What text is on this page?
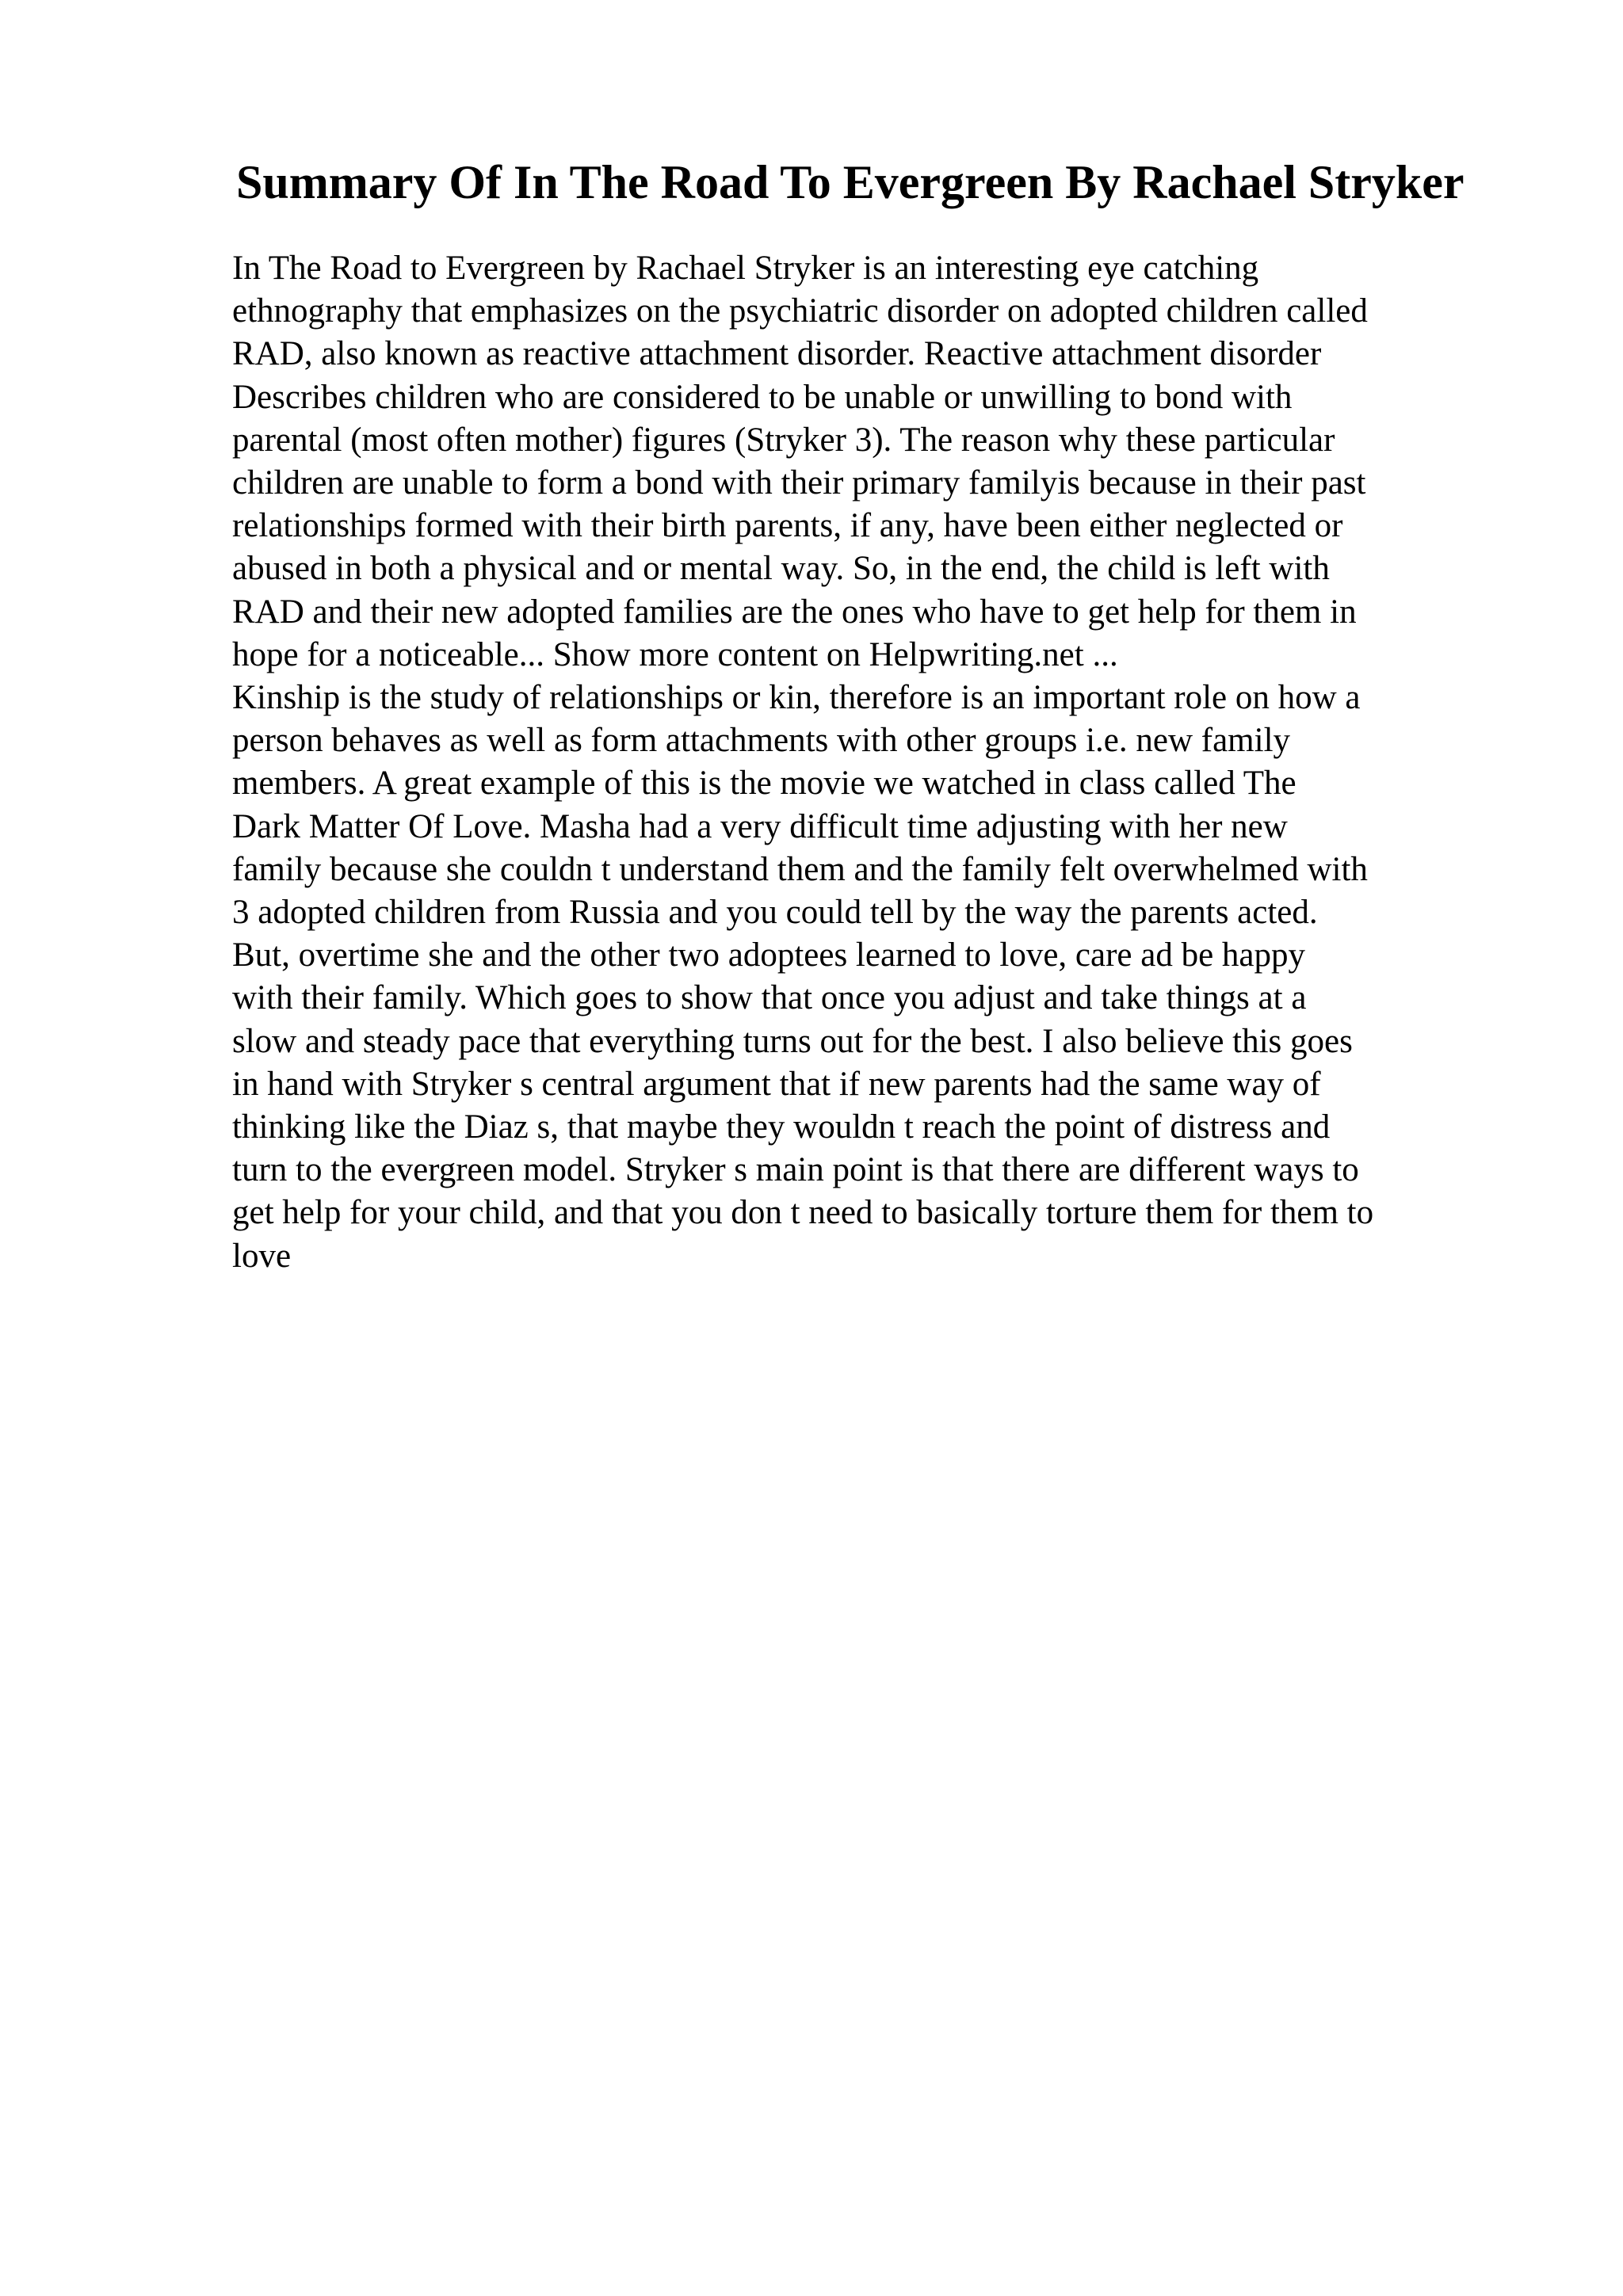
Summary Of In The Road To Evergreen By Rachael Stryker
In The Road to Evergreen by Rachael Stryker is an interesting eye catching
ethnography that emphasizes on the psychiatric disorder on adopted children called
RAD, also known as reactive attachment disorder. Reactive attachment disorder
Describes children who are considered to be unable or unwilling to bond with
parental (most often mother) figures (Stryker 3). The reason why these particular
children are unable to form a bond with their primary familyis because in their past
relationships formed with their birth parents, if any, have been either neglected or
abused in both a physical and or mental way. So, in the end, the child is left with
RAD and their new adopted families are the ones who have to get help for them in
hope for a noticeable... Show more content on Helpwriting.net ...
Kinship is the study of relationships or kin, therefore is an important role on how a
person behaves as well as form attachments with other groups i.e. new family
members. A great example of this is the movie we watched in class called The
Dark Matter Of Love. Masha had a very difficult time adjusting with her new
family because she couldn t understand them and the family felt overwhelmed with
3 adopted children from Russia and you could tell by the way the parents acted.
But, overtime she and the other two adoptees learned to love, care ad be happy
with their family. Which goes to show that once you adjust and take things at a
slow and steady pace that everything turns out for the best. I also believe this goes
in hand with Stryker s central argument that if new parents had the same way of
thinking like the Diaz s, that maybe they wouldn t reach the point of distress and
turn to the evergreen model. Stryker s main point is that there are different ways to
get help for your child, and that you don t need to basically torture them for them to
love
